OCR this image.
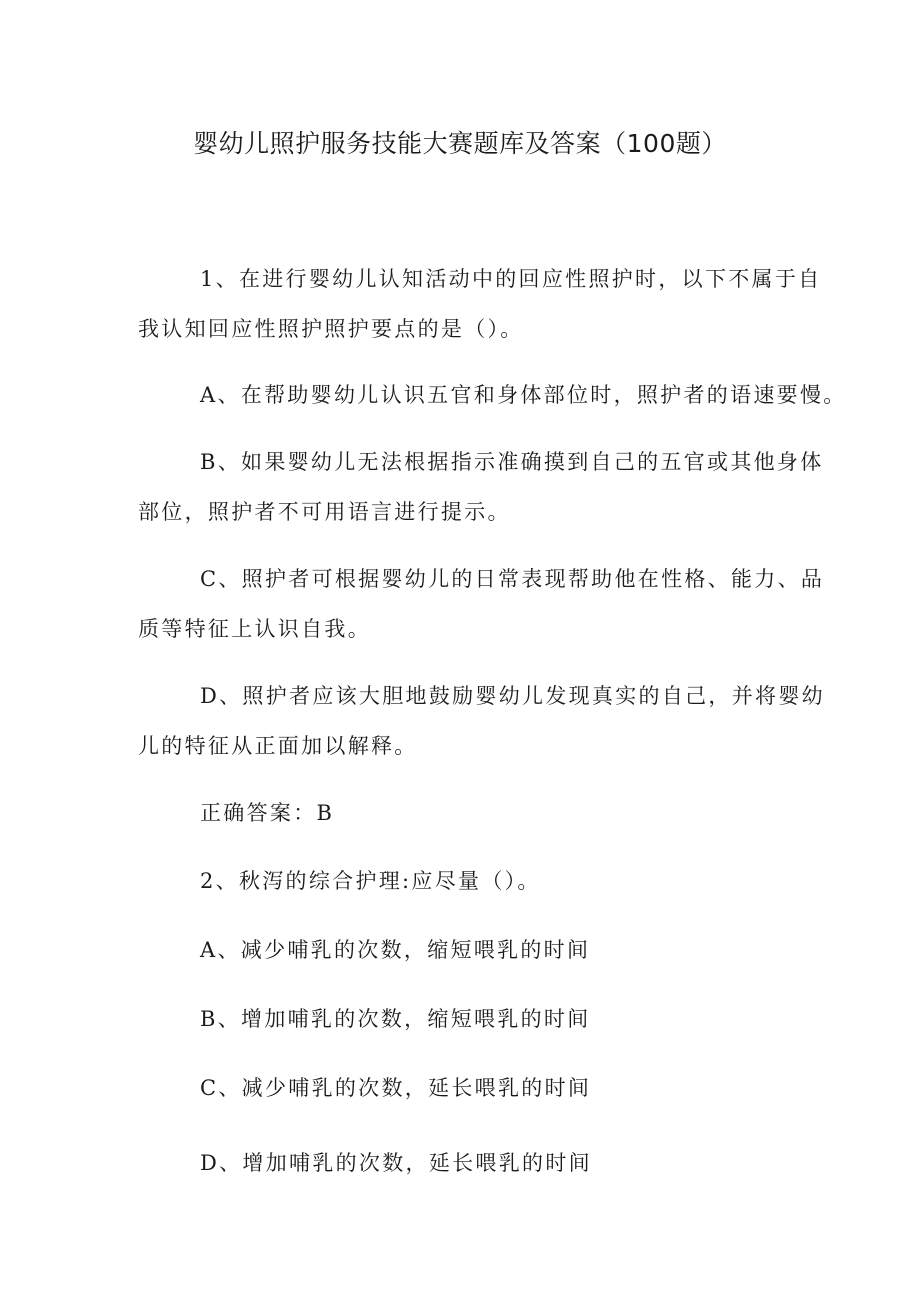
婴幼儿照护服务技能大赛题库及答案（100题）

1、在进行婴幼儿认知活动中的回应性照护时，以下不属于自

我认知回应性照护照护要点的是（）。

A、在帮助婴幼儿认识五官和身体部位时，照护者的语速要慢。

B、如果婴幼儿无法根据指示准确摸到自己的五官或其他身体

部位，照护者不可用语言进行提示。

C、照护者可根据婴幼儿的日常表现帮助他在性格、能力、品

质等特征上认识自我。

D、照护者应该大胆地鼓励婴幼儿发现真实的自己，并将婴幼

儿的特征从正面加以解释。

正确答案：B

2、秋泻的综合护理:应尽量（）。

A、减少哺乳的次数，缩短喂乳的时间

B、增加哺乳的次数，缩短喂乳的时间

C、减少哺乳的次数，延长喂乳的时间

D、增加哺乳的次数，延长喂乳的时间
